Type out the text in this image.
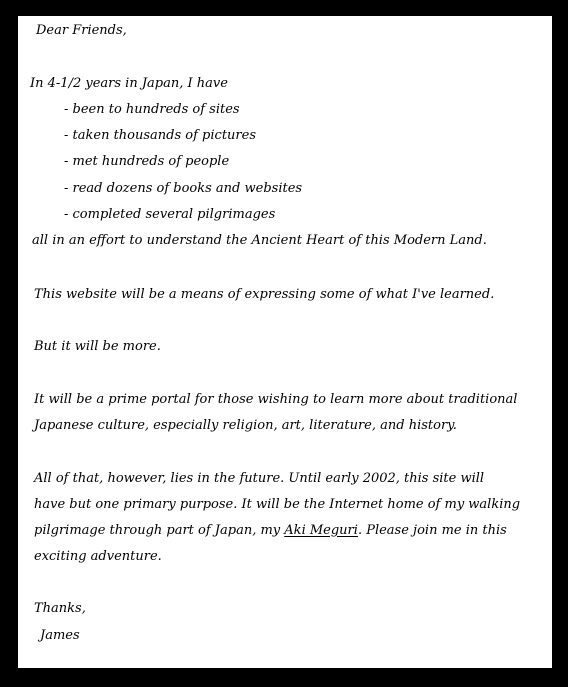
Dear Friends,
In 4-1/2 years in Japan, I have
- been to hundreds of sites
- taken thousands of pictures
- met hundreds of people
- read dozens of books and websites
- completed several pilgrimages
all in an effort to understand the Ancient Heart of this Modern Land.
This website will be a means of expressing some of what I've learned.
But it will be more.
It will be a prime portal for those wishing to learn more about traditional
Japanese culture, especially religion, art, literature, and history.
All of that, however, lies in the future. Until early 2002, this site will
have but one primary purpose. It will be the Internet home of my walking
pilgrimage through part of Japan, my Aki Meguri. Please join me in this
exciting adventure.
Thanks,
James
